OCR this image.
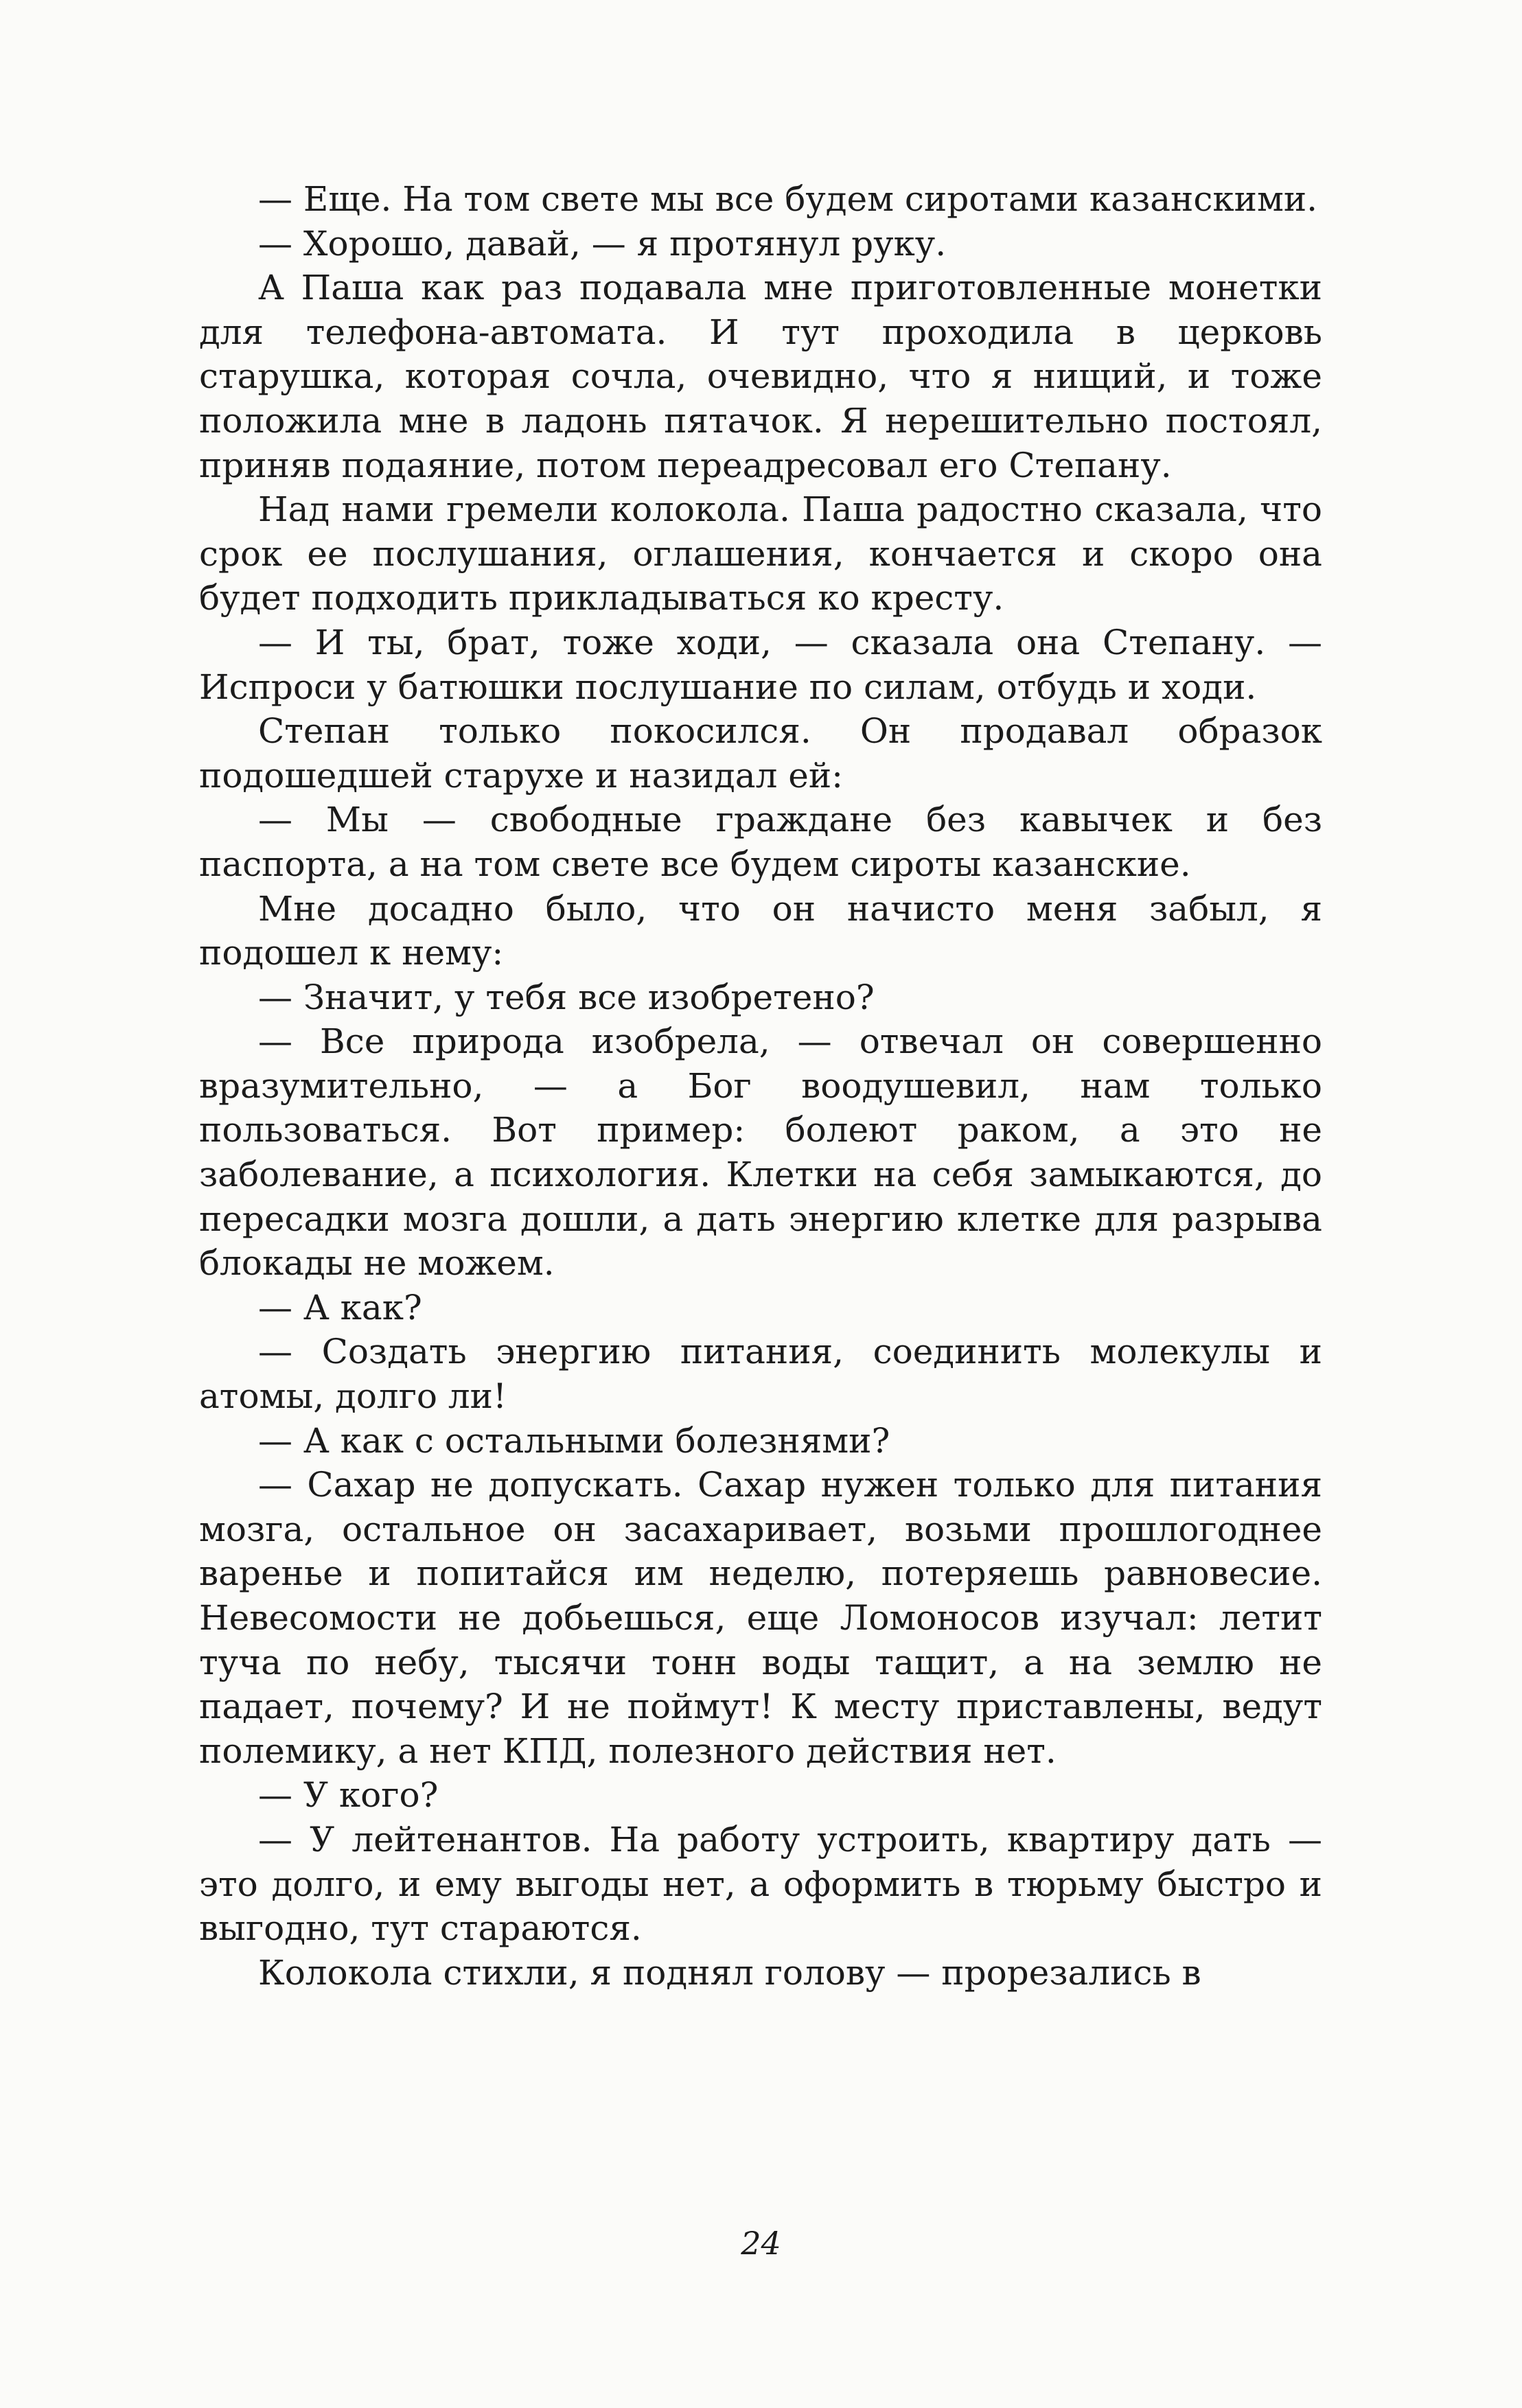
— Еще. На том свете мы все будем сиротами казанскими.

— Хорошо, давай, — я протянул руку.

А Паша как раз подавала мне приготовленные монетки для телефона-автомата. И тут проходила в церковь старушка, которая сочла, очевидно, что я нищий, и тоже положила мне в ладонь пятачок. Я нерешительно постоял, приняв подаяние, потом переадресовал его Степану.

Над нами гремели колокола. Паша радостно сказала, что срок ее послушания, оглашения, кончается и скоро она будет подходить прикладываться ко кресту.

— И ты, брат, тоже ходи, — сказала она Степану. — Испроси у батюшки послушание по силам, отбудь и ходи.

Степан только покосился. Он продавал образок подошедшей старухе и назидал ей:

— Мы — свободные граждане без кавычек и без паспорта, а на том свете все будем сироты казанские.

Мне досадно было, что он начисто меня забыл, я подошел к нему:

— Значит, у тебя все изобретено?

— Все природа изобрела, — отвечал он совершенно вразумительно, — а Бог воодушевил, нам только пользоваться. Вот пример: болеют раком, а это не заболевание, а психология. Клетки на себя замыкаются, до пересадки мозга дошли, а дать энергию клетке для разрыва блокады не можем.

— А как?

— Создать энергию питания, соединить молекулы и атомы, долго ли!

— А как с остальными болезнями?

— Сахар не допускать. Сахар нужен только для питания мозга, остальное он засахаривает, возьми прошлогоднее варенье и попитайся им неделю, потеряешь равновесие. Невесомости не добьешься, еще Ломоносов изучал: летит туча по небу, тысячи тонн воды тащит, а на землю не падает, почему? И не поймут! К месту приставлены, ведут полемику, а нет КПД, полезного действия нет.

— У кого?

— У лейтенантов. На работу устроить, квартиру дать — это долго, и ему выгоды нет, а оформить в тюрьму быстро и выгодно, тут стараются.

Колокола стихли, я поднял голову — прорезались в

24
